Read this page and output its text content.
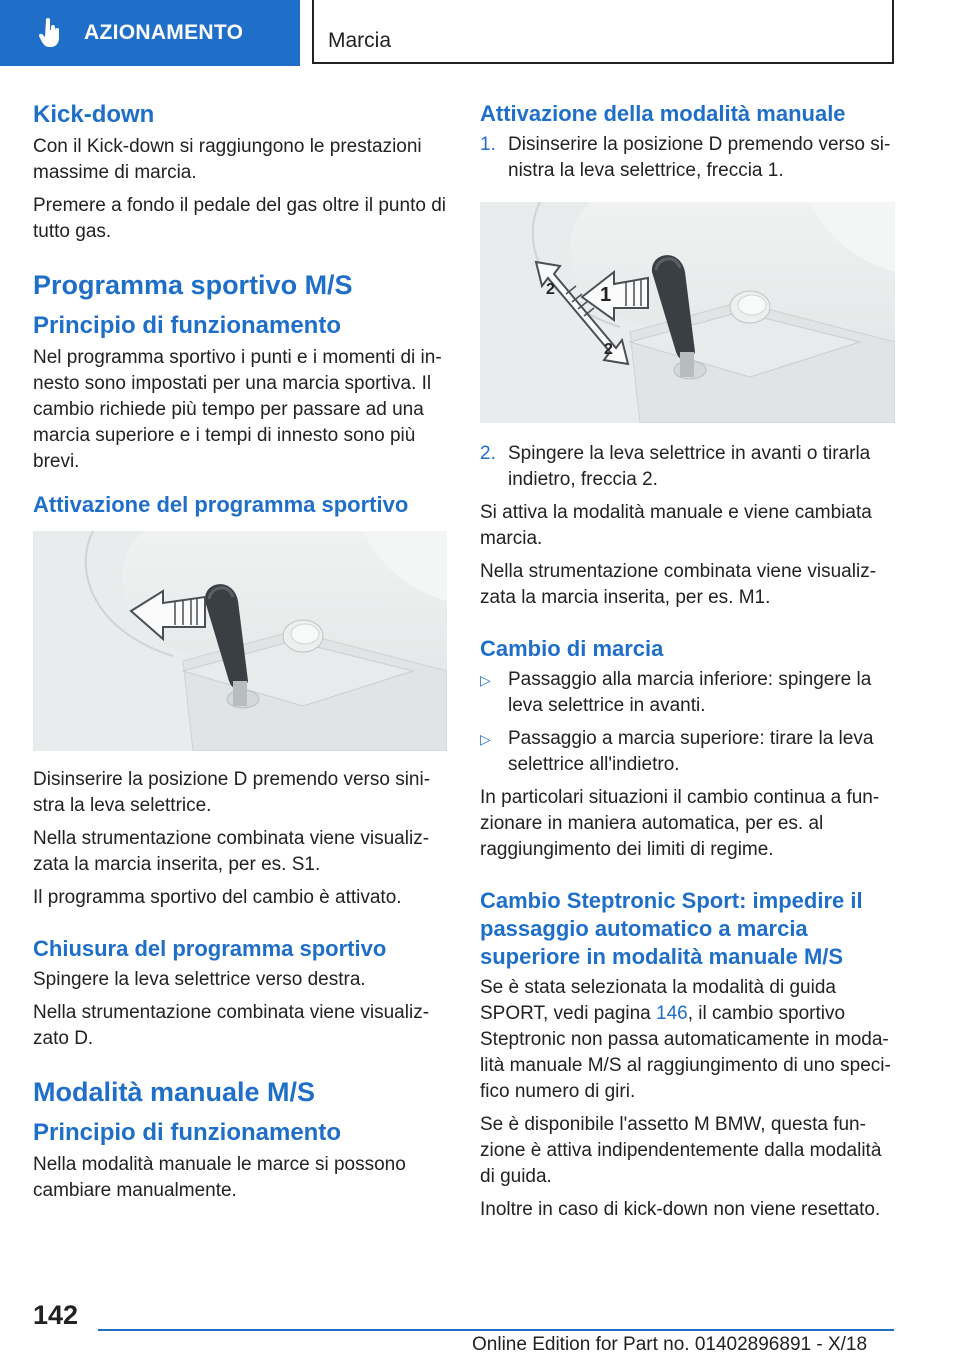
AZIONAMENTO	Marcia
Kick-down

Con il Kick-down si raggiungono le prestazioni massime di marcia.

Premere a fondo il pedale del gas oltre il punto di tutto gas.

Programma sportivo M/S
Principio di funzionamento

Nel programma sportivo i punti e i momenti di innesto sono impostati per una marcia sportiva. Il cambio richiede più tempo per passare ad una marcia superiore e i tempi di innesto sono più brevi.

Attivazione del programma sportivo

Disinserire la posizione D premendo verso sinistra la leva selettrice.

Nella strumentazione combinata viene visualizzata la marcia inserita, per es. S1.

Il programma sportivo del cambio è attivato.

Chiusura del programma sportivo

Spingere la leva selettrice verso destra.

Nella strumentazione combinata viene visualizzato D.

Modalità manuale M/S
Principio di funzionamento

Nella modalità manuale le marce si possono cambiare manualmente.

Attivazione della modalità manuale
1. Disinserire la posizione D premendo verso sinistra la leva selettrice, freccia 1.
1
2
2
2. Spingere la leva selettrice in avanti o tirarla indietro, freccia 2.

Si attiva la modalità manuale e viene cambiata marcia.

Nella strumentazione combinata viene visualizzata la marcia inserita, per es. M1.

Cambio di marcia
▷ Passaggio alla marcia inferiore: spingere la leva selettrice in avanti.
▷ Passaggio a marcia superiore: tirare la leva selettrice all'indietro.

In particolari situazioni il cambio continua a funzionare in maniera automatica, per es. al raggiungimento dei limiti di regime.

Cambio Steptronic Sport: impedire il passaggio automatico a marcia superiore in modalità manuale M/S

Se è stata selezionata la modalità di guida SPORT, vedi pagina 146, il cambio sportivo Steptronic non passa automaticamente in modalità manuale M/S al raggiungimento di uno specifico numero di giri.

Se è disponibile l'assetto M BMW, questa funzione è attiva indipendentemente dalla modalità di guida.

Inoltre in caso di kick-down non viene resettato.

142
Online Edition for Part no. 01402896891 - X/18
